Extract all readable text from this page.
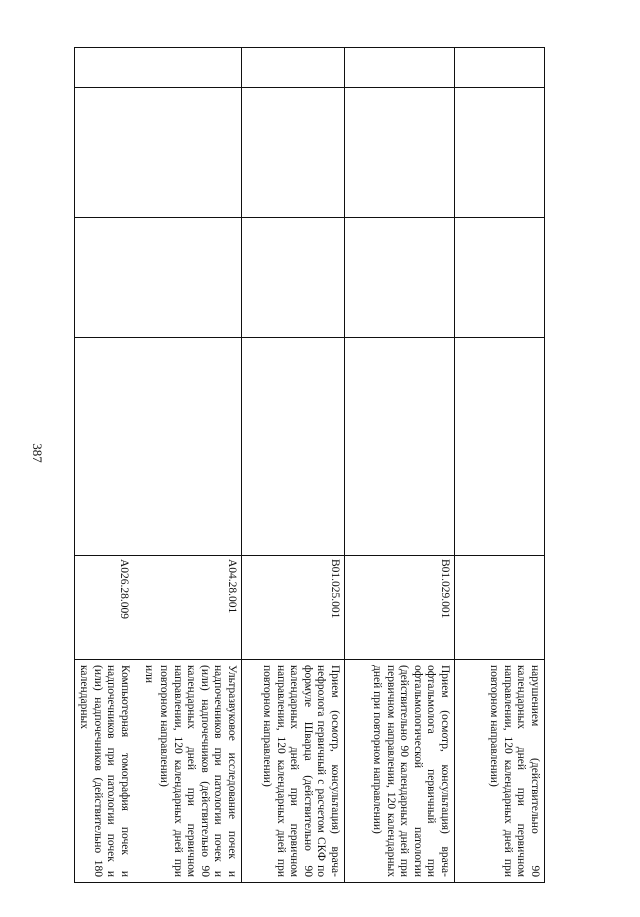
387
нарушением (действительно 90 календарных дней при первичном направлении, 120 календарных дней при повторном направлении)
B01.029.001
Прием (осмотр, консультация) врача-офтальмолога первичный при офтальмологической патологии (действительно 90 календарных дней при первичном направлении, 120 календарных дней при повторном направлении)
B01.025.001
Прием (осмотр, консультация) врача-нефролога первичный с расчетом СКФ по формуле Шварца (действительно 90 календарных дней при первичном направлении, 120 календарных дней при повторном направлении)
A04.28.001
Ультразвуковое исследование почек и надпочечников при патологии почек и (или) надпочечников (действительно 90 календарных дней при первичном направлении, 120 календарных дней при повторном направлении)
или
A026.28.009
Компьютерная томография почек и надпочечников при патологии почек и (или) надпочечников (действительно 180 календарных
